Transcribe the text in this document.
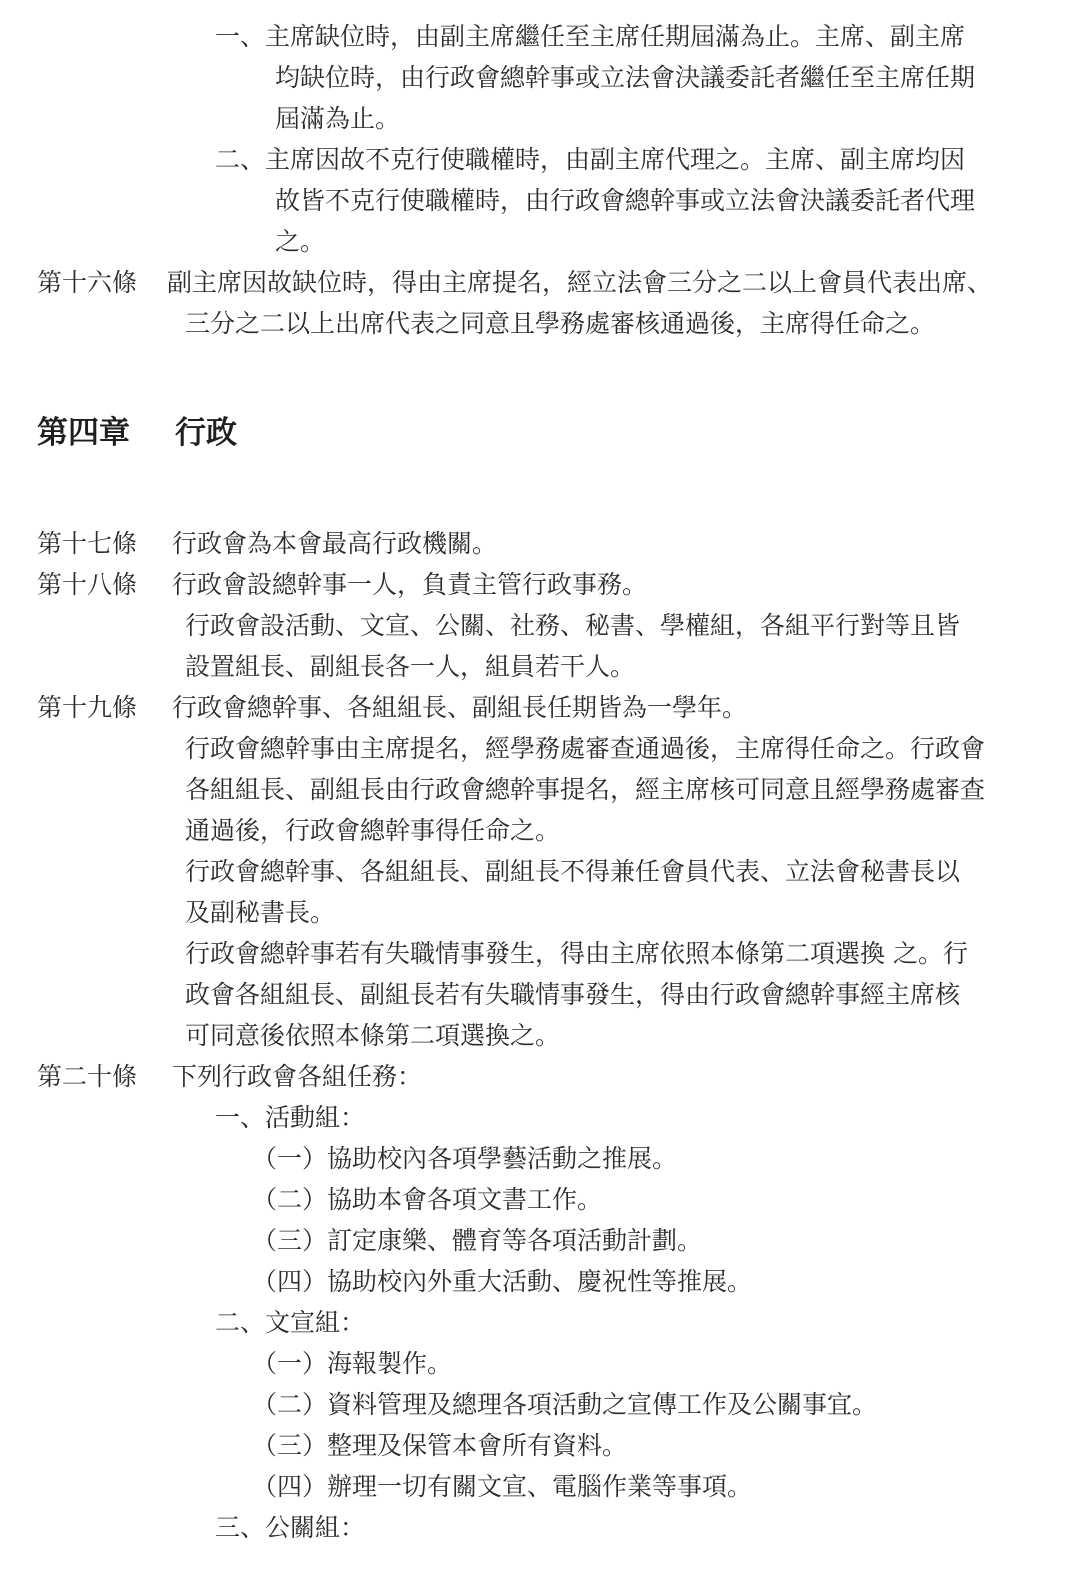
一、主席缺位時，由副主席繼任至主席任期屆滿為止。主席、副主席
均缺位時，由行政會總幹事或立法會決議委託者繼任至主席任期
屆滿為止。
二、主席因故不克行使職權時，由副主席代理之。主席、副主席均因
故皆不克行使職權時，由行政會總幹事或立法會決議委託者代理
之。
第十六條 副主席因故缺位時，得由主席提名，經立法會三分之二以上會員代表出席、
三分之二以上出席代表之同意且學務處審核通過後，主席得任命之。
第四章 行政
第十七條 行政會為本會最高行政機關。
第十八條 行政會設總幹事一人，負責主管行政事務。
行政會設活動、文宣、公關、社務、秘書、學權組，各組平行對等且皆
設置組長、副組長各一人，組員若干人。
第十九條 行政會總幹事、各組組長、副組長任期皆為一學年。
行政會總幹事由主席提名，經學務處審查通過後，主席得任命之。行政會
各組組長、副組長由行政會總幹事提名，經主席核可同意且經學務處審查
通過後，行政會總幹事得任命之。
行政會總幹事、各組組長、副組長不得兼任會員代表、立法會秘書長以
及副秘書長。
行政會總幹事若有失職情事發生，得由主席依照本條第二項選換 之。行
政會各組組長、副組長若有失職情事發生，得由行政會總幹事經主席核
可同意後依照本條第二項選換之。
第二十條 下列行政會各組任務：
一、活動組：
（一）協助校內各項學藝活動之推展。
（二）協助本會各項文書工作。
（三）訂定康樂、體育等各項活動計劃。
（四）協助校內外重大活動、慶祝性等推展。
二、文宣組：
（一）海報製作。
（二）資料管理及總理各項活動之宣傳工作及公關事宜。
（三）整理及保管本會所有資料。
（四）辦理一切有關文宣、電腦作業等事項。
三、公關組：
